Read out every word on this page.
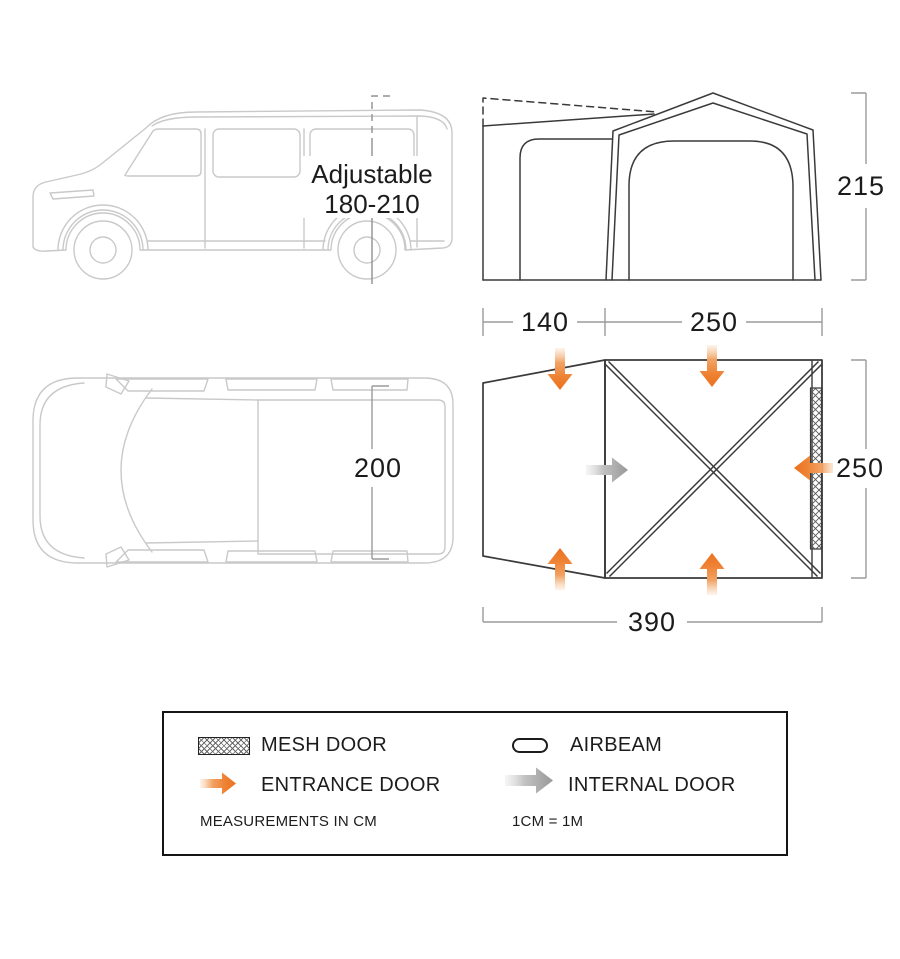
Adjustable
180-210
215
140	250
200	250
390
MESH DOOR
ENTRANCE DOOR
AIRBEAM
INTERNAL DOOR
MEASUREMENTS IN CM	1CM = 1M
